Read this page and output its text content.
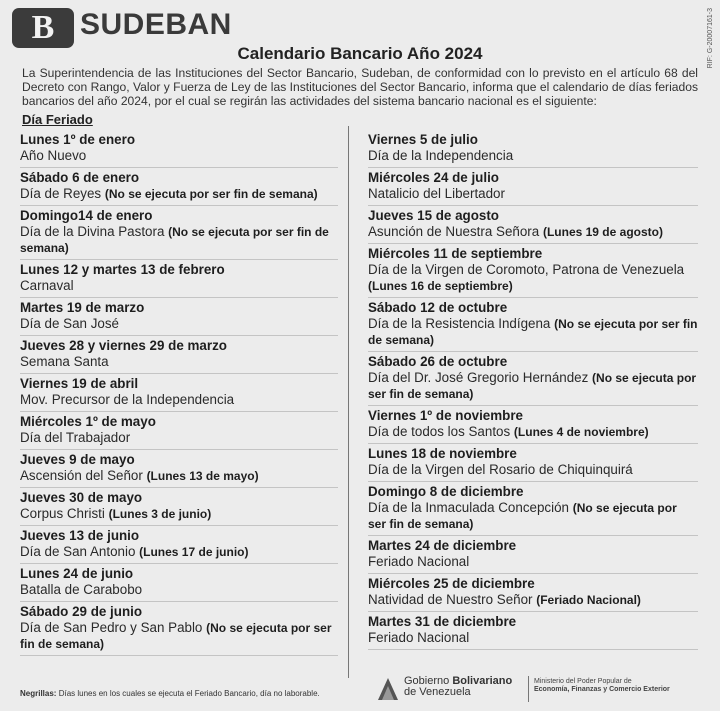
B SUDEBAN	RIF: G-20007161-3
Calendario Bancario Año 2024
La Superintendencia de las Instituciones del Sector Bancario, Sudeban, de conformidad con lo previsto en el artículo 68 del Decreto con Rango, Valor y Fuerza de Ley de las Instituciones del Sector Bancario, informa que el calendario de días feriados bancarios del año 2024, por el cual se regirán las actividades del sistema bancario nacional es el siguiente:
Día Feriado
Lunes 1º de enero
Año Nuevo
Sábado 6 de enero
Día de Reyes (No se ejecuta por ser fin de semana)
Domingo14 de enero
Día de la Divina Pastora (No se ejecuta por ser fin de semana)
Lunes 12 y martes 13 de febrero
Carnaval
Martes 19 de marzo
Día de San José
Jueves 28 y viernes 29 de marzo
Semana Santa
Viernes 19 de abril
Mov. Precursor de la Independencia
Miércoles 1º de mayo
Día del Trabajador
Jueves 9 de mayo
Ascensión del Señor (Lunes 13 de mayo)
Jueves 30 de mayo
Corpus Christi (Lunes 3 de junio)
Jueves 13 de junio
Día de San Antonio (Lunes 17 de junio)
Lunes 24 de junio
Batalla de Carabobo
Sábado 29 de junio
Día de San Pedro y San Pablo (No se ejecuta por ser fin de semana)
Viernes 5 de julio
Día de la Independencia
Miércoles 24 de julio
Natalicio del Libertador
Jueves 15 de agosto
Asunción de Nuestra Señora (Lunes 19 de agosto)
Miércoles 11 de septiembre
Día de la Virgen de Coromoto, Patrona de Venezuela (Lunes 16 de septiembre)
Sábado 12 de octubre
Día de la Resistencia Indígena (No se ejecuta por ser fin de semana)
Sábado 26 de octubre
Día del Dr. José Gregorio Hernández (No se ejecuta por ser fin de semana)
Viernes 1º de noviembre
Día de todos los Santos (Lunes 4 de noviembre)
Lunes 18 de noviembre
Día de la Virgen del Rosario de Chiquinquirá
Domingo 8 de diciembre
Día de la Inmaculada Concepción (No se ejecuta por ser fin de semana)
Martes 24 de diciembre
Feriado Nacional
Miércoles 25 de diciembre
Natividad de Nuestro Señor (Feriado Nacional)
Martes 31 de diciembre
Feriado Nacional
Negrillas: Días lunes en los cuales se ejecuta el Feriado Bancario, día no laborable.
Gobierno Bolivariano
de Venezuela
Ministerio del Poder Popular de
Economía, Finanzas y Comercio Exterior
